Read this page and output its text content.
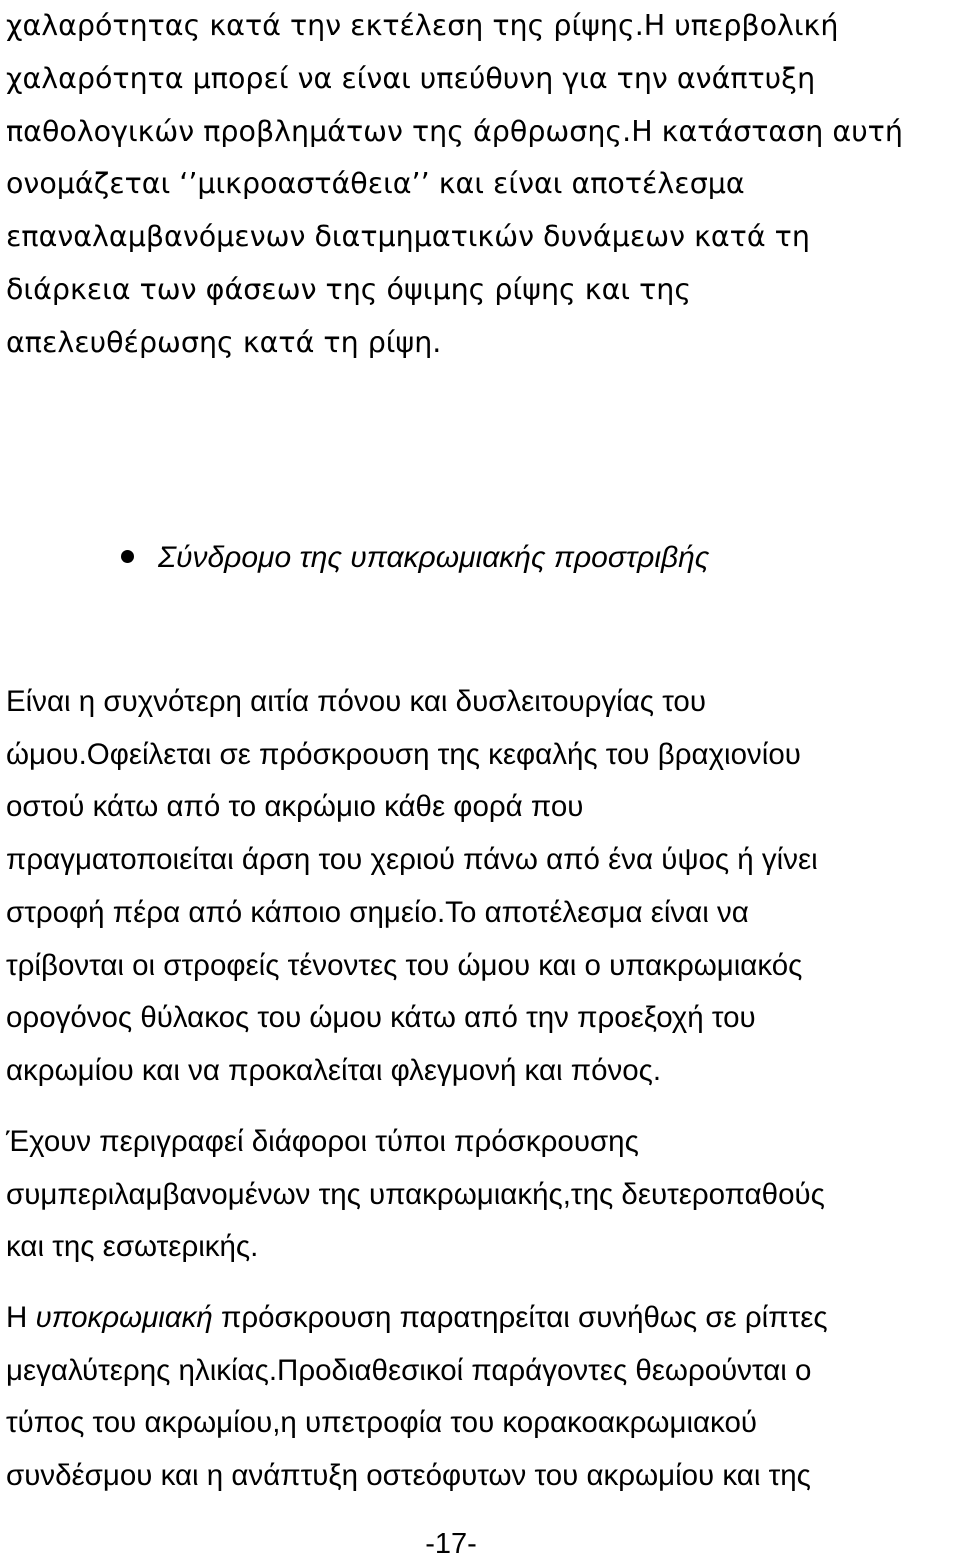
χαλαρότητας κατά την εκτέλεση της ρίψης.Η υπερβολική
χαλαρότητα μπορεί να είναι υπεύθυνη για την ανάπτυξη
παθολογικών προβλημάτων της άρθρωσης.Η κατάσταση αυτή
ονομάζεται ‘’μικροαστάθεια’’ και είναι αποτέλεσμα
επαναλαμβανόμενων διατμηματικών δυνάμεων κατά τη
διάρκεια των φάσεων της όψιμης ρίψης και της
απελευθέρωσης κατά τη ρίψη.

Σύνδρομο της υπακρωμιακής προστριβής

Είναι η συχνότερη αιτία πόνου και δυσλειτουργίας του
ώμου.Οφείλεται σε πρόσκρουση της κεφαλής του βραχιονίου
οστού κάτω από το ακρώμιο κάθε φορά που
πραγματοποιείται άρση του χεριού πάνω από ένα ύψος ή γίνει
στροφή πέρα από κάποιο σημείο.Το αποτέλεσμα είναι να
τρίβονται οι στροφείς τένοντες του ώμου και ο υπακρωμιακός
ορογόνος θύλακος του ώμου κάτω από την προεξοχή του
ακρωμίου και να προκαλείται φλεγμονή και πόνος.

Έχουν περιγραφεί διάφοροι τύποι πρόσκρουσης
συμπεριλαμβανομένων της υπακρωμιακής,της δευτεροπαθούς
και της εσωτερικής.

Η υποκρωμιακή πρόσκρουση παρατηρείται συνήθως σε ρίπτες
μεγαλύτερης ηλικίας.Προδιαθεσικοί παράγοντες θεωρούνται ο
τύπος του ακρωμίου,η υπετροφία του κορακοακρωμιακού
συνδέσμου και η ανάπτυξη οστεόφυτων του ακρωμίου και της

-17-
